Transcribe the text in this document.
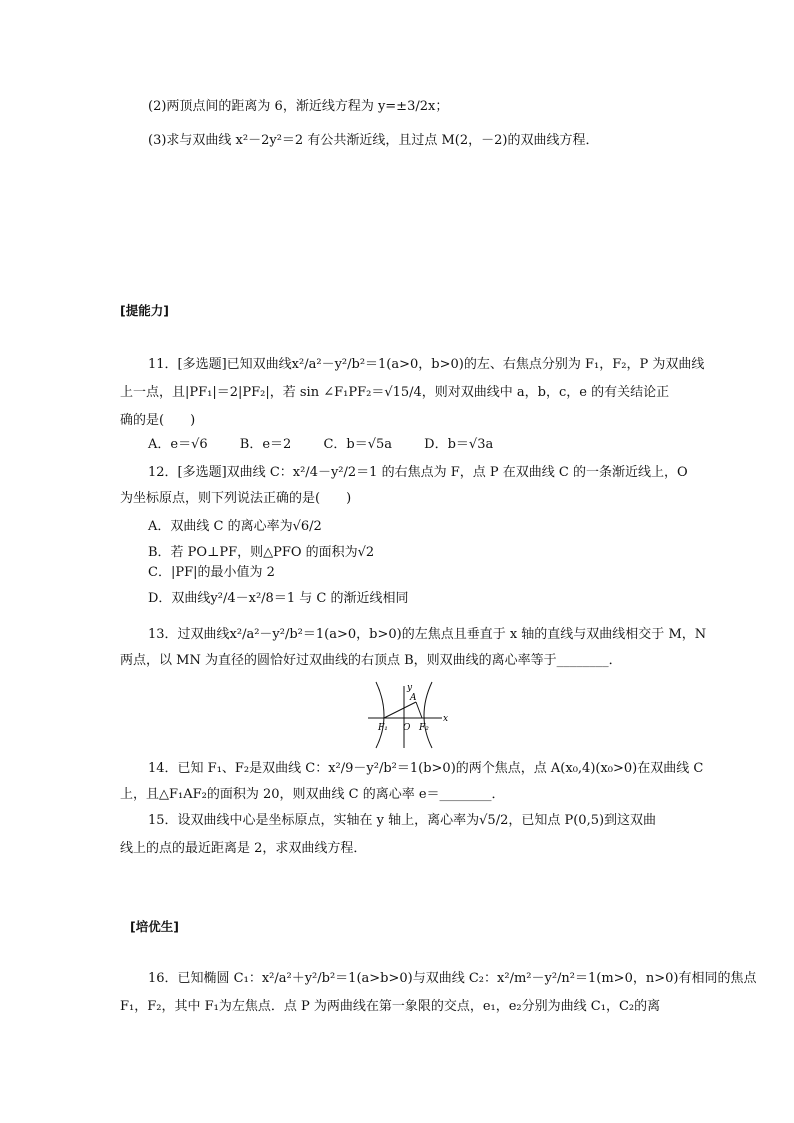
(2)两顶点间的距离为 6，渐近线方程为 y=±3/2x；
(3)求与双曲线 x²－2y²＝2 有公共渐近线，且过点 M(2，－2)的双曲线方程．
[提能力]
11．[多选题]已知双曲线x²/a²－y²/b²＝1(a>0，b>0)的左、右焦点分别为 F₁，F₂，P 为双曲线
上一点，且|PF₁|＝2|PF₂|，若 sin ∠F₁PF₂＝√15/4，则对双曲线中 a，b，c，e 的有关结论正
确的是(　　)
A．e＝√6 B．e＝2 C．b＝√5a D．b＝√3a
12．[多选题]双曲线 C：x²/4－y²/2＝1 的右焦点为 F，点 P 在双曲线 C 的一条渐近线上，O
为坐标原点，则下列说法正确的是(　　)
A．双曲线 C 的离心率为√6/2
B．若 PO⊥PF，则△PFO 的面积为√2
C．|PF|的最小值为 2
D．双曲线y²/4－x²/8＝1 与 C 的渐近线相同
13．过双曲线x²/a²－y²/b²＝1(a>0，b>0)的左焦点且垂直于 x 轴的直线与双曲线相交于 M，N
两点，以 MN 为直径的圆恰好过双曲线的右顶点 B，则双曲线的离心率等于________．
y
x
A
F₁ O F₂
14．已知 F₁、F₂是双曲线 C：x²/9－y²/b²＝1(b>0)的两个焦点，点 A(x₀,4)(x₀>0)在双曲线 C
上，且△F₁AF₂的面积为 20，则双曲线 C 的离心率 e＝________．
15．设双曲线中心是坐标原点，实轴在 y 轴上，离心率为√5/2，已知点 P(0,5)到这双曲
线上的点的最近距离是 2，求双曲线方程．
[培优生]
16．已知椭圆 C₁：x²/a²＋y²/b²＝1(a>b>0)与双曲线 C₂：x²/m²－y²/n²＝1(m>0，n>0)有相同的焦点
F₁，F₂，其中 F₁为左焦点．点 P 为两曲线在第一象限的交点，e₁，e₂分别为曲线 C₁，C₂的离
